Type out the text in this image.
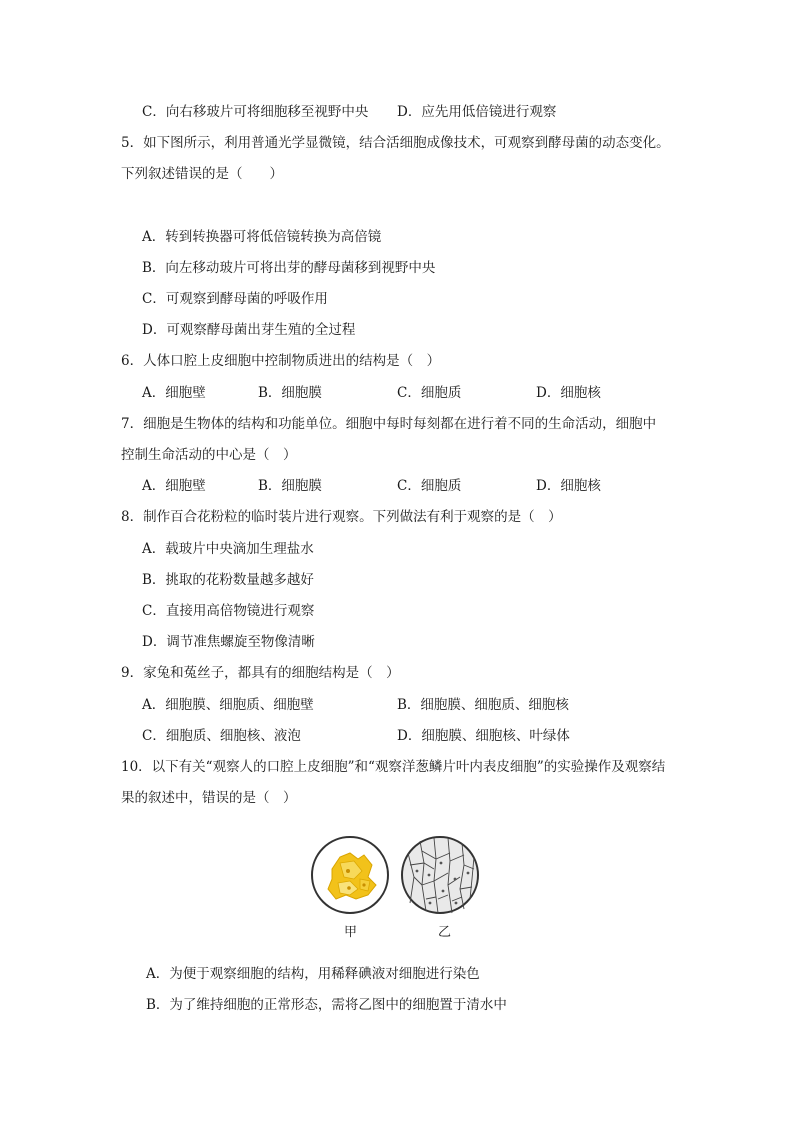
C．向右移玻片可将细胞移至视野中央 D．应先用低倍镜进行观察
5．如下图所示，利用普通光学显微镜，结合活细胞成像技术，可观察到酵母菌的动态变化。
下列叙述错误的是（　　）
A．转到转换器可将低倍镜转换为高倍镜
B．向左移动玻片可将出芽的酵母菌移到视野中央
C．可观察到酵母菌的呼吸作用
D．可观察酵母菌出芽生殖的全过程
6．人体口腔上皮细胞中控制物质进出的结构是（　）
A．细胞壁	B．细胞膜	C．细胞质	D．细胞核
7．细胞是生物体的结构和功能单位。细胞中每时每刻都在进行着不同的生命活动，细胞中
控制生命活动的中心是（　）
A．细胞壁	B．细胞膜	C．细胞质	D．细胞核
8．制作百合花粉粒的临时装片进行观察。下列做法有利于观察的是（　）
A．载玻片中央滴加生理盐水
B．挑取的花粉数量越多越好
C．直接用高倍物镜进行观察
D．调节准焦螺旋至物像清晰
9．家兔和菟丝子，都具有的细胞结构是（　）
A．细胞膜、细胞质、细胞壁	B．细胞膜、细胞质、细胞核
C．细胞质、细胞核、液泡	D．细胞膜、细胞核、叶绿体
10．以下有关“观察人的口腔上皮细胞”和“观察洋葱鳞片叶内表皮细胞”的实验操作及观察结
果的叙述中，错误的是（　）
甲	乙
A．为便于观察细胞的结构，用稀释碘液对细胞进行染色
B．为了维持细胞的正常形态，需将乙图中的细胞置于清水中
